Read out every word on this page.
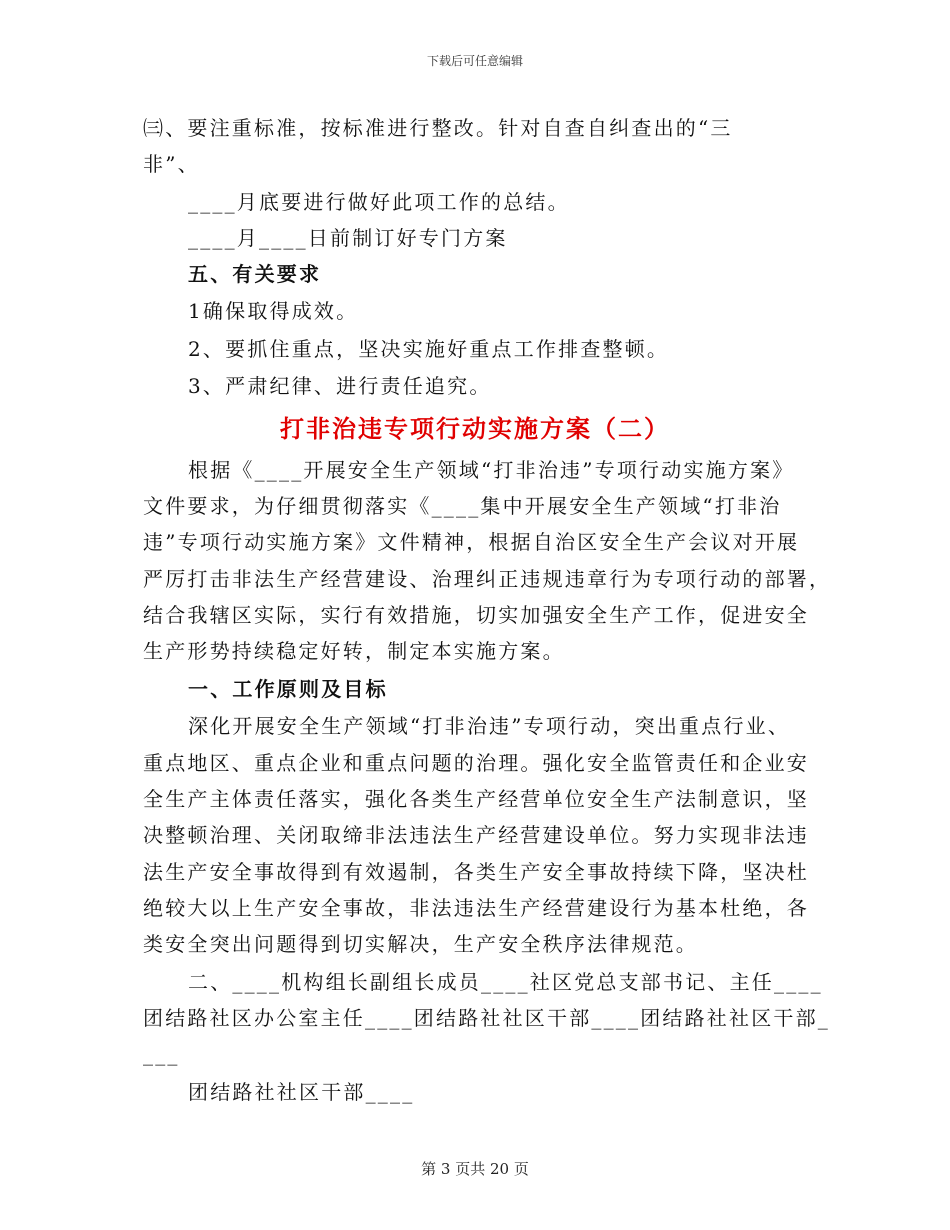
下载后可任意编辑
㈢、要注重标准，按标准进行整改。针对自查自纠查出的“三
非”、
____月底要进行做好此项工作的总结。
____月____日前制订好专门方案
五、有关要求
1确保取得成效。
2、要抓住重点，坚决实施好重点工作排查整顿。
3、严肃纪律、进行责任追究。
打非治违专项行动实施方案（二）
根据《____开展安全生产领域“打非治违”专项行动实施方案》
文件要求，为仔细贯彻落实《____集中开展安全生产领域“打非治
违”专项行动实施方案》文件精神，根据自治区安全生产会议对开展
严厉打击非法生产经营建设、治理纠正违规违章行为专项行动的部署，
结合我辖区实际，实行有效措施，切实加强安全生产工作，促进安全
生产形势持续稳定好转，制定本实施方案。
一、工作原则及目标
深化开展安全生产领域“打非治违”专项行动，突出重点行业、
重点地区、重点企业和重点问题的治理。强化安全监管责任和企业安
全生产主体责任落实，强化各类生产经营单位安全生产法制意识，坚
决整顿治理、关闭取缔非法违法生产经营建设单位。努力实现非法违
法生产安全事故得到有效遏制，各类生产安全事故持续下降，坚决杜
绝较大以上生产安全事故，非法违法生产经营建设行为基本杜绝，各
类安全突出问题得到切实解决，生产安全秩序法律规范。
二、____机构组长副组长成员____社区党总支部书记、主任____
团结路社区办公室主任____团结路社社区干部____团结路社社区干部_
___
团结路社社区干部____
第 3 页共 20 页
